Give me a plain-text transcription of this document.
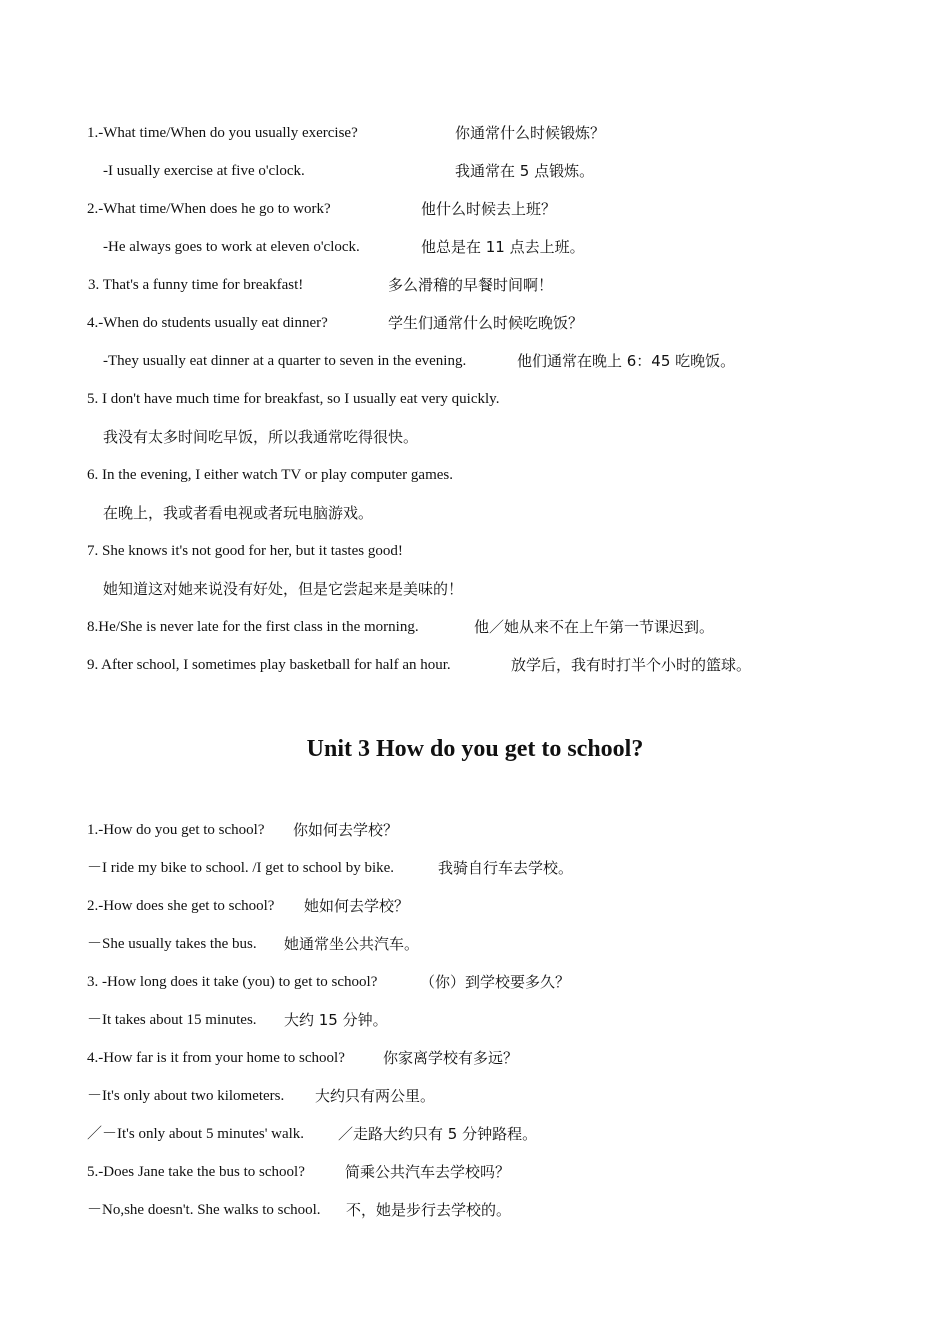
1.-What time/When do you usually exercise?	你通常什么时候锻炼？
-I usually exercise at five o'clock.	我通常在 5 点锻炼。
2.-What time/When does he go to work?	他什么时候去上班？
-He always goes to work at eleven o'clock.	他总是在 11 点去上班。
3. That's a funny time for breakfast!	多么滑稽的早餐时间啊！
4.-When do students usually eat dinner?	学生们通常什么时候吃晚饭？
-They usually eat dinner at a quarter to seven in the evening.	他们通常在晚上 6：45 吃晚饭。
5. I don't have much time for breakfast, so I usually eat very quickly.
我没有太多时间吃早饭，所以我通常吃得很快。
6. In the evening, I either watch TV or play computer games.
在晚上，我或者看电视或者玩电脑游戏。
7. She knows it's not good for her, but it tastes good!
她知道这对她来说没有好处，但是它尝起来是美味的！
8.He/She is never late for the first class in the morning.	他／她从来不在上午第一节课迟到。
9. After school, I sometimes play basketball for half an hour.	放学后，我有时打半个小时的篮球。
Unit 3 How do you get to school?
1.-How do you get to school? 你如何去学校？
－I ride my bike to school. /I get to school by bike.	我骑自行车去学校。
2.-How does she get to school? 她如何去学校？
－She usually takes the bus. 她通常坐公共汽车。
3. -How long does it take (you) to get to school?	（你）到学校要多久？
－It takes about 15 minutes. 大约 15 分钟。
4.-How far is it from your home to school?	你家离学校有多远？
－It's only about two kilometers. 大约只有两公里。
／－It's only about 5 minutes' walk. ／走路大约只有 5 分钟路程。
5.-Does Jane take the bus to school?	简乘公共汽车去学校吗？
－No,she doesn't. She walks to school. 不，她是步行去学校的。
